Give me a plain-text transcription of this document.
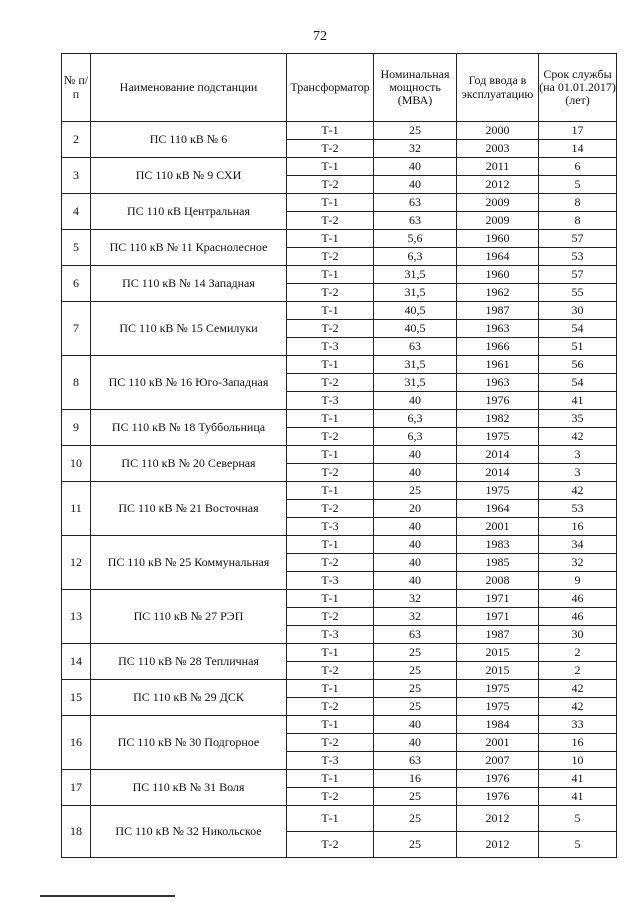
72
№ п/п	Наименование подстанции	Трансформатор	Номинальная мощность (МВА)	Год ввода в эксплуатацию	Срок службы (на 01.01.2017) (лет)
2	ПС 110 кВ № 6	Т-1	25	2000	17
		Т-2	32	2003	14
3	ПС 110 кВ № 9 СХИ	Т-1	40	2011	6
		Т-2	40	2012	5
4	ПС 110 кВ Центральная	Т-1	63	2009	8
		Т-2	63	2009	8
5	ПС 110 кВ № 11 Краснолесное	Т-1	5,6	1960	57
		Т-2	6,3	1964	53
6	ПС 110 кВ № 14 Западная	Т-1	31,5	1960	57
		Т-2	31,5	1962	55
7	ПС 110 кВ № 15 Семилуки	Т-1	40,5	1987	30
		Т-2	40,5	1963	54
		Т-3	63	1966	51
8	ПС 110 кВ № 16 Юго-Западная	Т-1	31,5	1961	56
		Т-2	31,5	1963	54
		Т-3	40	1976	41
9	ПС 110 кВ № 18 Туббольница	Т-1	6,3	1982	35
		Т-2	6,3	1975	42
10	ПС 110 кВ № 20 Северная	Т-1	40	2014	3
		Т-2	40	2014	3
11	ПС 110 кВ № 21 Восточная	Т-1	25	1975	42
		Т-2	20	1964	53
		Т-3	40	2001	16
12	ПС 110 кВ № 25 Коммунальная	Т-1	40	1983	34
		Т-2	40	1985	32
		Т-3	40	2008	9
13	ПС 110 кВ № 27 РЭП	Т-1	32	1971	46
		Т-2	32	1971	46
		Т-3	63	1987	30
14	ПС 110 кВ № 28 Тепличная	Т-1	25	2015	2
		Т-2	25	2015	2
15	ПС 110 кВ № 29 ДСК	Т-1	25	1975	42
		Т-2	25	1975	42
16	ПС 110 кВ № 30 Подгорное	Т-1	40	1984	33
		Т-2	40	2001	16
		Т-3	63	2007	10
17	ПС 110 кВ № 31 Воля	Т-1	16	1976	41
		Т-2	25	1976	41
18	ПС 110 кВ № 32 Никольское	Т-1	25	2012	5
		Т-2	25	2012	5
